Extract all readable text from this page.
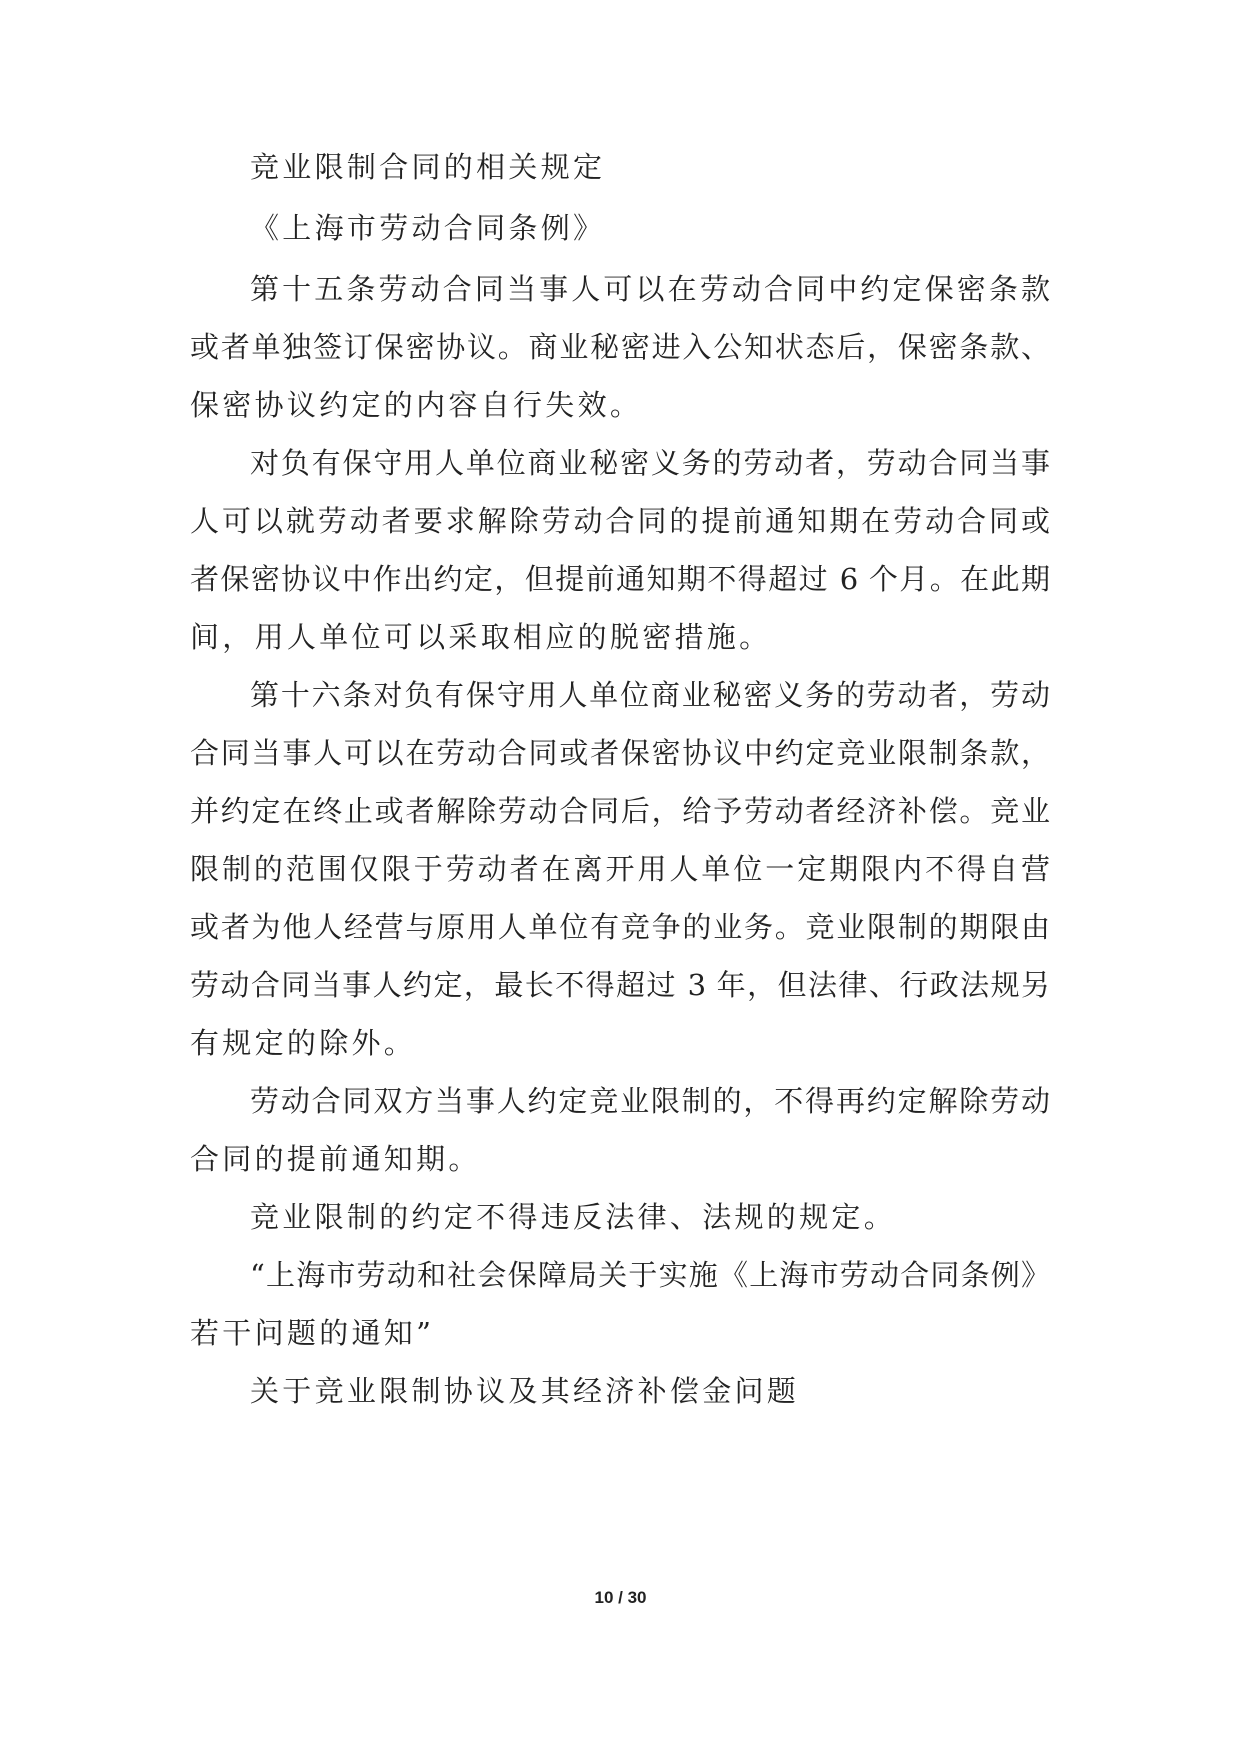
竞业限制合同的相关规定
《上海市劳动合同条例》
第十五条劳动合同当事人可以在劳动合同中约定保密条款
或者单独签订保密协议。商业秘密进入公知状态后，保密条款、
保密协议约定的内容自行失效。
对负有保守用人单位商业秘密义务的劳动者，劳动合同当事
人可以就劳动者要求解除劳动合同的提前通知期在劳动合同或
者保密协议中作出约定，但提前通知期不得超过 6 个月。在此期
间，用人单位可以采取相应的脱密措施。
第十六条对负有保守用人单位商业秘密义务的劳动者，劳动
合同当事人可以在劳动合同或者保密协议中约定竞业限制条款，
并约定在终止或者解除劳动合同后，给予劳动者经济补偿。竞业
限制的范围仅限于劳动者在离开用人单位一定期限内不得自营
或者为他人经营与原用人单位有竞争的业务。竞业限制的期限由
劳动合同当事人约定，最长不得超过 3 年，但法律、行政法规另
有规定的除外。
劳动合同双方当事人约定竞业限制的，不得再约定解除劳动
合同的提前通知期。
竞业限制的约定不得违反法律、法规的规定。
“上海市劳动和社会保障局关于实施《上海市劳动合同条例》
若干问题的通知”
关于竞业限制协议及其经济补偿金问题
10 / 30
